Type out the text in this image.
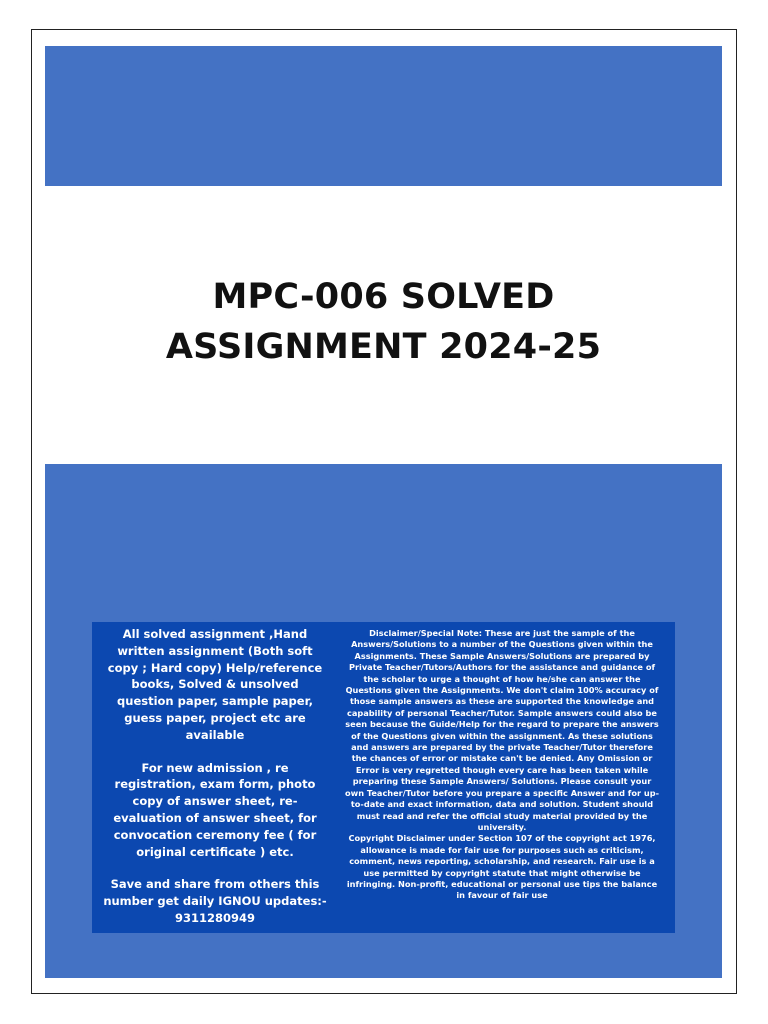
MPC-006 SOLVED
ASSIGNMENT 2024-25

All solved assignment ,Hand
written assignment (Both soft
copy ; Hard copy) Help/reference
books, Solved & unsolved
question paper, sample paper,
guess paper, project etc are
available

For new admission , re
registration, exam form, photo
copy of answer sheet, re-
evaluation of answer sheet, for
convocation ceremony fee ( for
original certificate ) etc.

Save and share from others this
number get daily IGNOU updates:-
9311280949

Disclaimer/Special Note: These are just the sample of the
Answers/Solutions to a number of the Questions given within the
Assignments. These Sample Answers/Solutions are prepared by
Private Teacher/Tutors/Authors for the assistance and guidance of
the scholar to urge a thought of how he/she can answer the
Questions given the Assignments. We don't claim 100% accuracy of
those sample answers as these are supported the knowledge and
capability of personal Teacher/Tutor. Sample answers could also be
seen because the Guide/Help for the regard to prepare the answers
of the Questions given within the assignment. As these solutions
and answers are prepared by the private Teacher/Tutor therefore
the chances of error or mistake can't be denied. Any Omission or
Error is very regretted though every care has been taken while
preparing these Sample Answers/ Solutions. Please consult your
own Teacher/Tutor before you prepare a specific Answer and for up-
to-date and exact information, data and solution. Student should
must read and refer the official study material provided by the
university.

Copyright Disclaimer under Section 107 of the copyright act 1976,
allowance is made for fair use for purposes such as criticism,
comment, news reporting, scholarship, and research. Fair use is a
use permitted by copyright statute that might otherwise be
infringing. Non-profit, educational or personal use tips the balance
in favour of fair use
